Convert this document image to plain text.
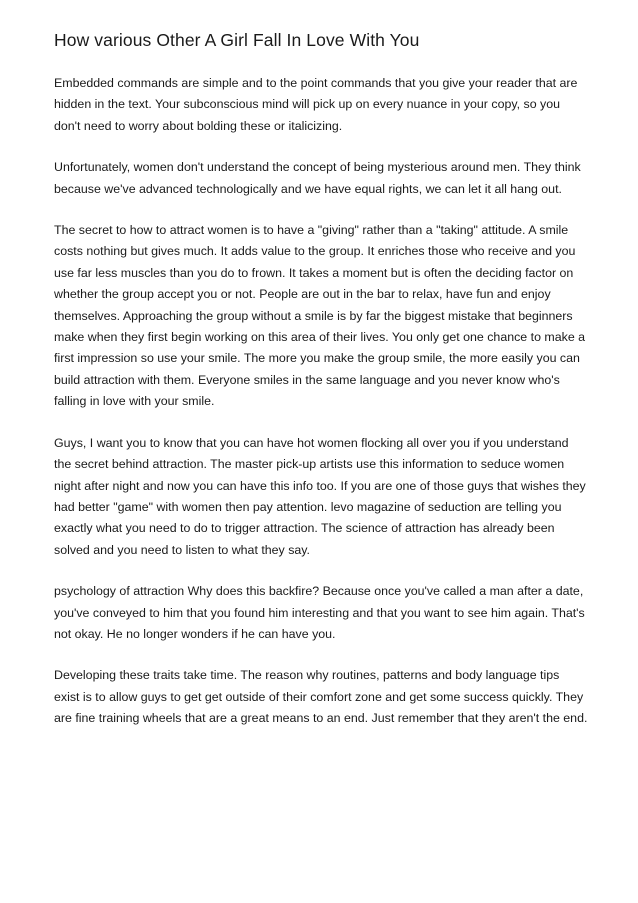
How various Other A Girl Fall In Love With You

Embedded commands are simple and to the point commands that you give your reader that are hidden in the text. Your subconscious mind will pick up on every nuance in your copy, so you don't need to worry about bolding these or italicizing.

Unfortunately, women don't understand the concept of being mysterious around men. They think because we've advanced technologically and we have equal rights, we can let it all hang out.

The secret to how to attract women is to have a "giving" rather than a "taking" attitude. A smile costs nothing but gives much. It adds value to the group. It enriches those who receive and you use far less muscles than you do to frown. It takes a moment but is often the deciding factor on whether the group accept you or not. People are out in the bar to relax, have fun and enjoy themselves. Approaching the group without a smile is by far the biggest mistake that beginners make when they first begin working on this area of their lives. You only get one chance to make a first impression so use your smile. The more you make the group smile, the more easily you can build attraction with them. Everyone smiles in the same language and you never know who's falling in love with your smile.

Guys, I want you to know that you can have hot women flocking all over you if you understand the secret behind attraction. The master pick-up artists use this information to seduce women night after night and now you can have this info too. If you are one of those guys that wishes they had better "game" with women then pay attention. levo magazine of seduction are telling you exactly what you need to do to trigger attraction. The science of attraction has already been solved and you need to listen to what they say.

psychology of attraction Why does this backfire? Because once you've called a man after a date, you've conveyed to him that you found him interesting and that you want to see him again. That's not okay. He no longer wonders if he can have you.

Developing these traits take time. The reason why routines, patterns and body language tips exist is to allow guys to get get outside of their comfort zone and get some success quickly. They are fine training wheels that are a great means to an end. Just remember that they aren't the end.
